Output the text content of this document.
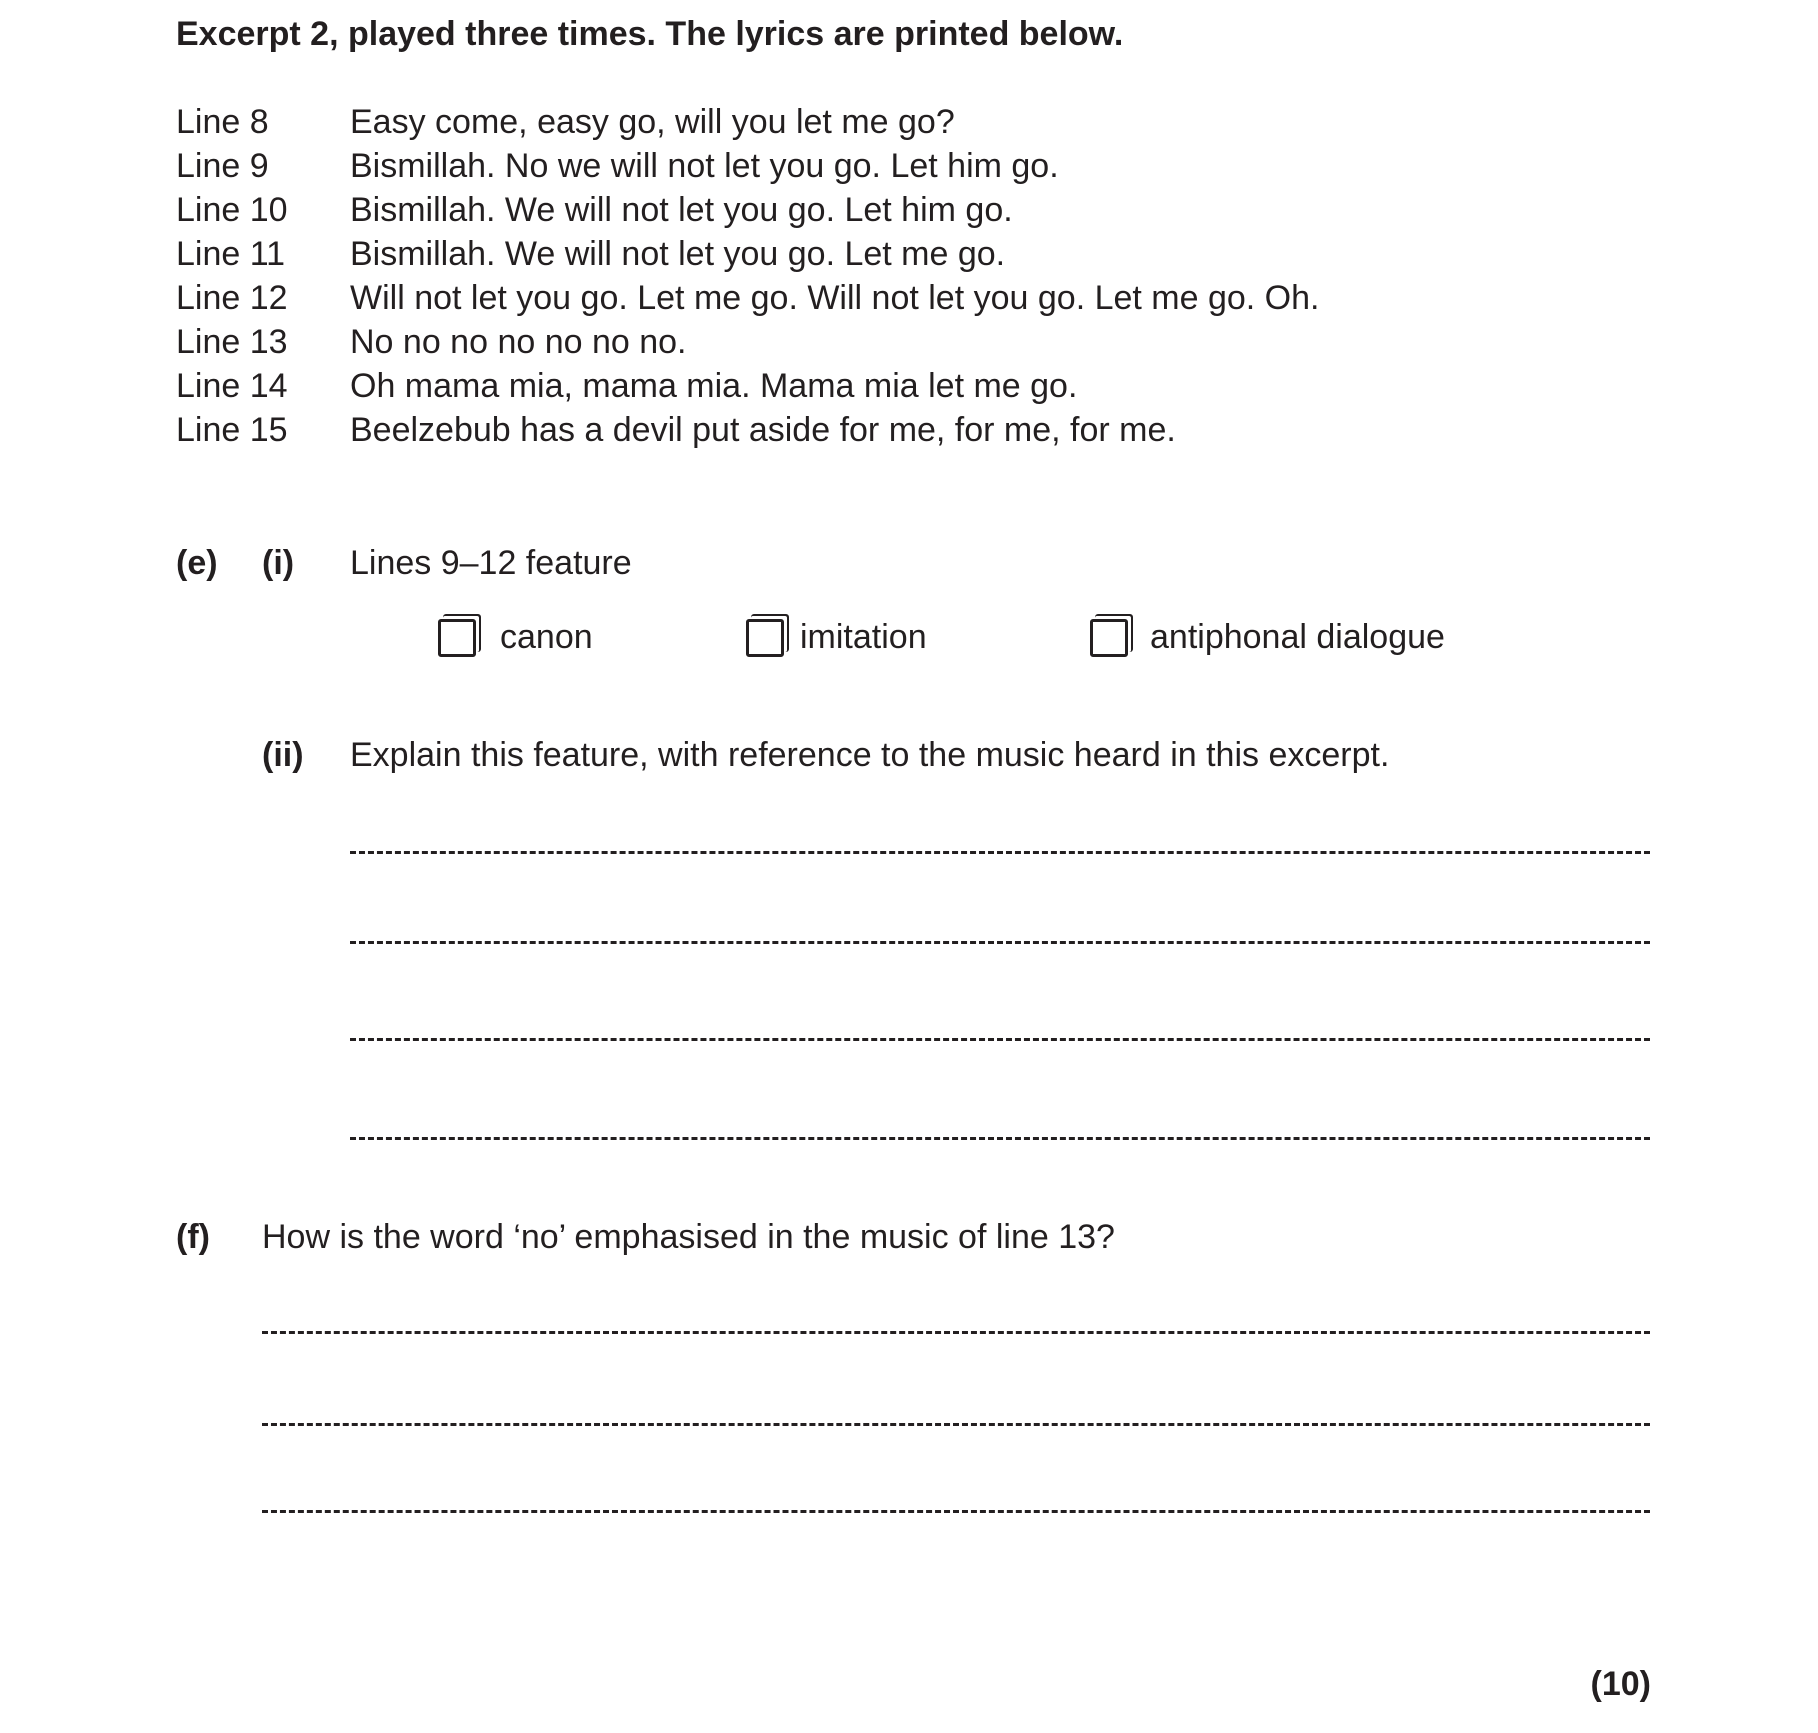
Excerpt 2, played three times. The lyrics are printed below.
Line 8 Easy come, easy go, will you let me go?
Line 9 Bismillah. No we will not let you go. Let him go.
Line 10 Bismillah. We will not let you go. Let him go.
Line 11 Bismillah. We will not let you go. Let me go.
Line 12 Will not let you go. Let me go. Will not let you go. Let me go. Oh.
Line 13 No no no no no no no.
Line 14 Oh mama mia, mama mia. Mama mia let me go.
Line 15 Beelzebub has a devil put aside for me, for me, for me.
(e) (i) Lines 9–12 feature
canon	imitation	antiphonal dialogue
(ii) Explain this feature, with reference to the music heard in this excerpt.
(f) How is the word ‘no’ emphasised in the music of line 13?
(10)
